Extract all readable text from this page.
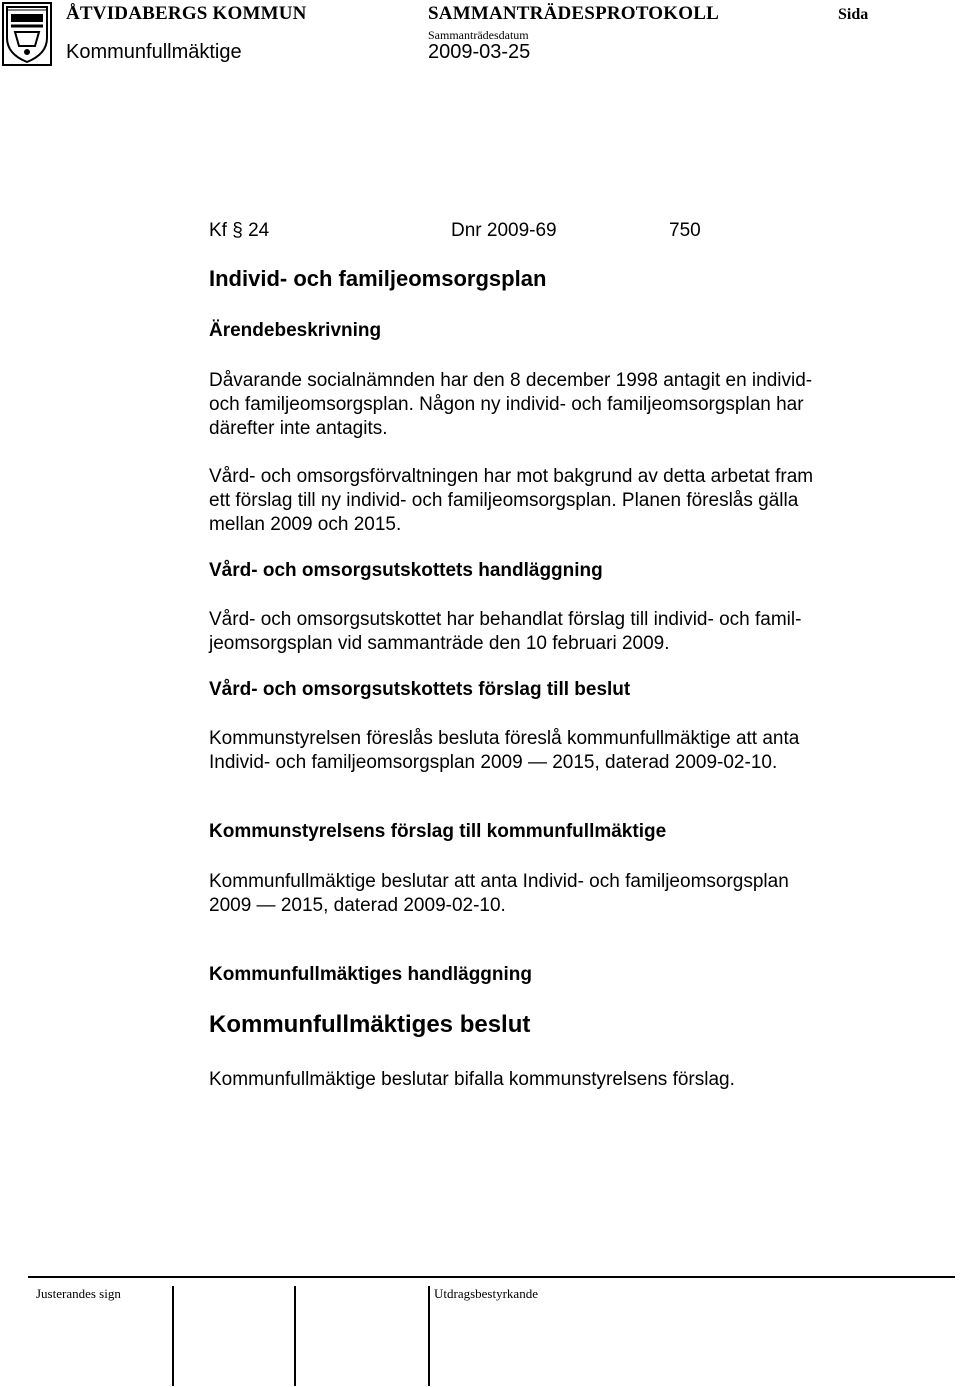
ÅTVIDABERGS KOMMUN	SAMMANTRÄDESPROTOKOLL	Sida
Sammanträdesdatum
Kommunfullmäktige	2009-03-25
Kf § 24	Dnr 2009-69	750
Individ- och familjeomsorgsplan
Ärendebeskrivning
Dåvarande socialnämnden har den 8 december 1998 antagit en individ-
och familjeomsorgsplan. Någon ny individ- och familjeomsorgsplan har
därefter inte antagits.
Vård- och omsorgsförvaltningen har mot bakgrund av detta arbetat fram
ett förslag till ny individ- och familjeomsorgsplan. Planen föreslås gälla
mellan 2009 och 2015.
Vård- och omsorgsutskottets handläggning
Vård- och omsorgsutskottet har behandlat förslag till individ- och famil-
jeomsorgsplan vid sammanträde den 10 februari 2009.
Vård- och omsorgsutskottets förslag till beslut
Kommunstyrelsen föreslås besluta föreslå kommunfullmäktige att anta
Individ- och familjeomsorgsplan 2009 — 2015, daterad 2009-02-10.
Kommunstyrelsens förslag till kommunfullmäktige
Kommunfullmäktige beslutar att anta Individ- och familjeomsorgsplan
2009 — 2015, daterad 2009-02-10.
Kommunfullmäktiges handläggning
Kommunfullmäktiges beslut
Kommunfullmäktige beslutar bifalla kommunstyrelsens förslag.
Justerandes sign	Utdragsbestyrkande
